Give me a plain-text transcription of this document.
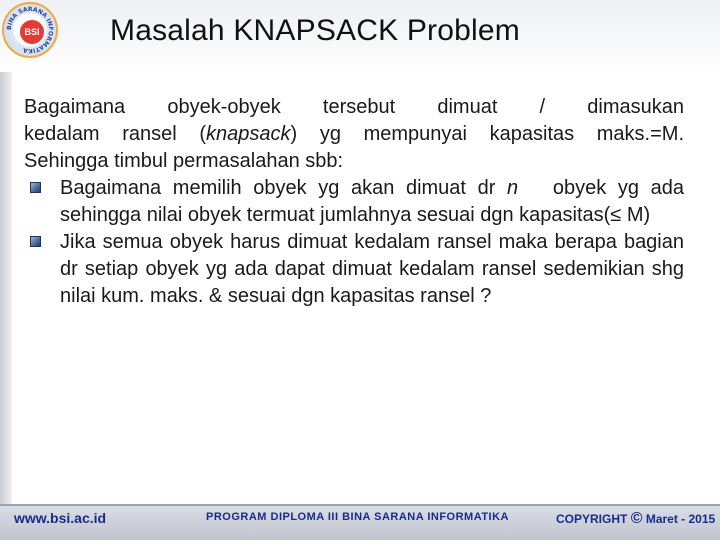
BINA SARANA INFORMATIKA
BSI Masalah KNAPSACK Problem

Bagaimana obyek-obyek tersebut dimuat / dimasukan

kedalam ransel (knapsack) yg mempunyai kapasitas maks.=M.

Sehingga timbul permasalahan sbb:

Bagaimana memilih obyek yg akan dimuat dr n   obyek yg ada sehingga nilai obyek termuat jumlahnya sesuai dgn kapasitas(≤ M)
Jika semua obyek harus dimuat kedalam ransel maka berapa bagian dr setiap obyek yg ada dapat dimuat kedalam ransel sedemikian shg nilai kum. maks. & sesuai dgn kapasitas ransel ?
www.bsi.ac.id	PROGRAM DIPLOMA III BINA SARANA INFORMATIKA	COPYRIGHT © Maret - 2015
